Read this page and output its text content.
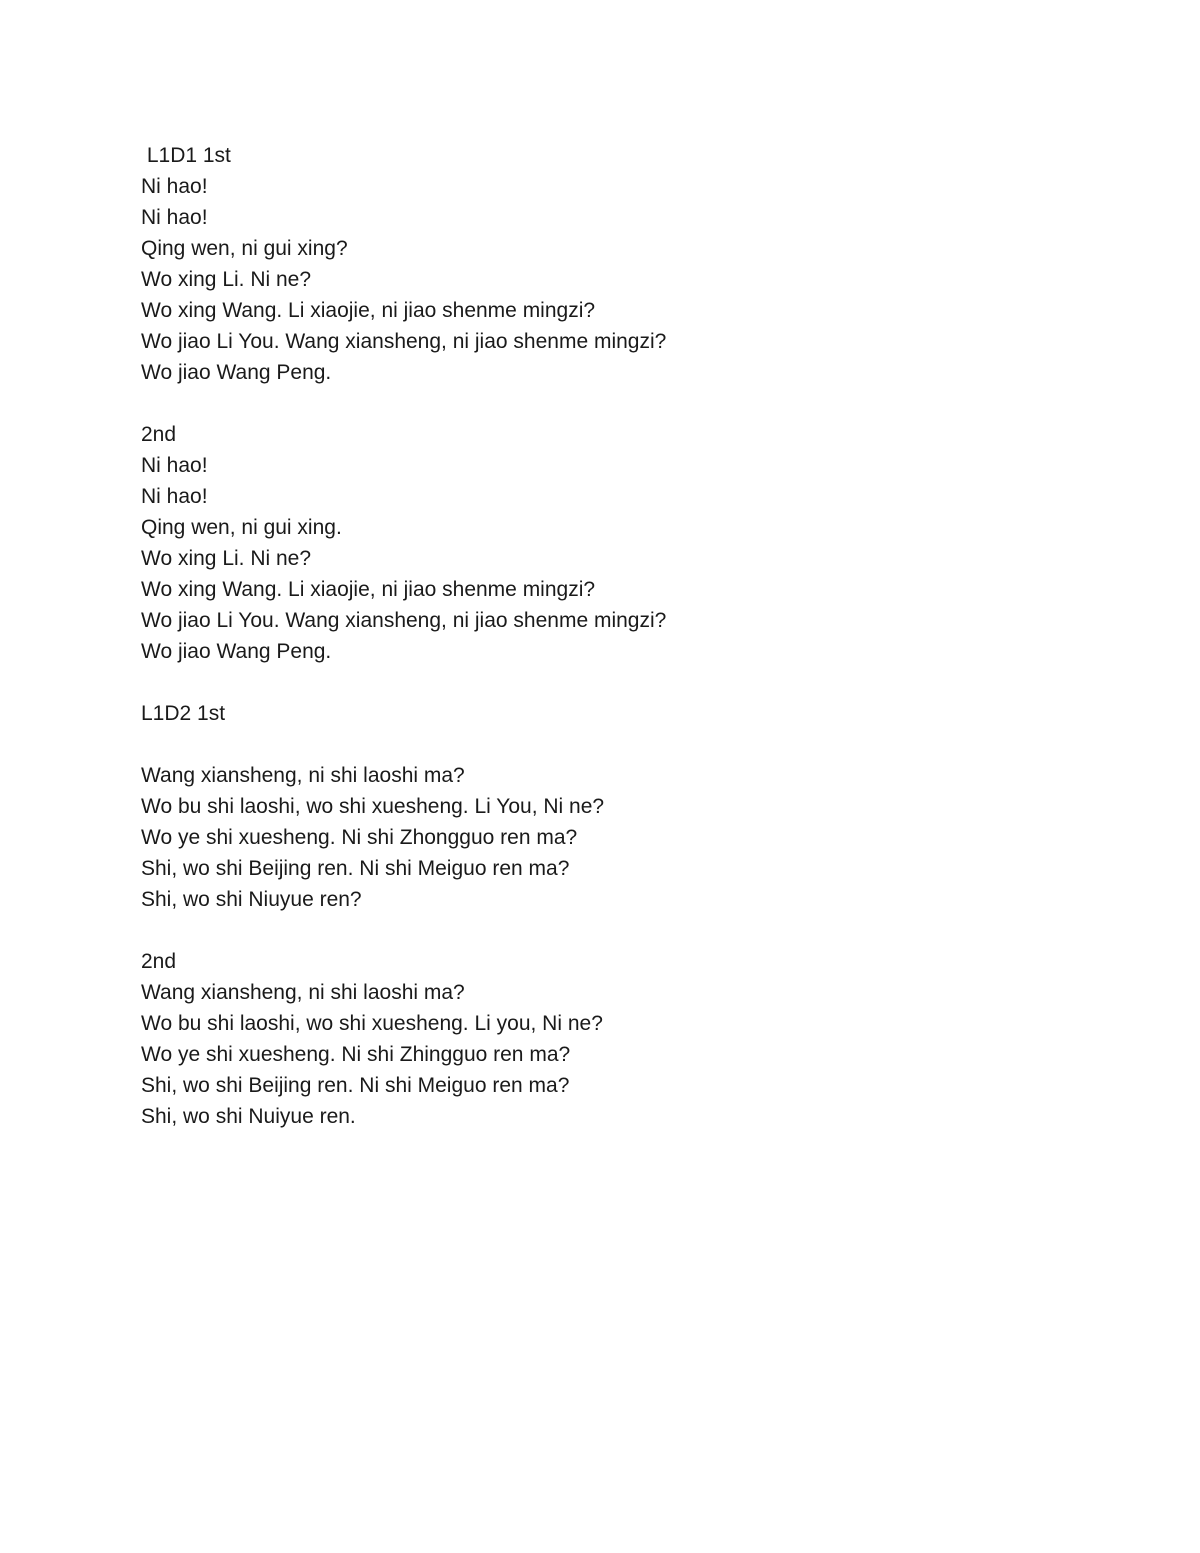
L1D1 1st
Ni hao!
Ni hao!
Qing wen, ni gui xing?
Wo xing Li. Ni ne?
Wo xing Wang. Li xiaojie, ni jiao shenme mingzi?
Wo jiao Li You. Wang xiansheng, ni jiao shenme mingzi?
Wo jiao Wang Peng.
2nd
Ni hao!
Ni hao!
Qing wen, ni gui xing.
Wo xing Li. Ni ne?
Wo xing Wang. Li xiaojie, ni jiao shenme mingzi?
Wo jiao Li You. Wang xiansheng, ni jiao shenme mingzi?
Wo jiao Wang Peng.
L1D2 1st
Wang xiansheng, ni shi laoshi ma?
Wo bu shi laoshi, wo shi xuesheng. Li You, Ni ne?
Wo ye shi xuesheng. Ni shi Zhongguo ren ma?
Shi, wo shi Beijing ren. Ni shi Meiguo ren ma?
Shi, wo shi Niuyue ren?
2nd
Wang xiansheng, ni shi laoshi ma?
Wo bu shi laoshi, wo shi xuesheng. Li you, Ni ne?
Wo ye shi xuesheng. Ni shi Zhingguo ren ma?
Shi, wo shi Beijing ren. Ni shi Meiguo ren ma?
Shi, wo shi Nuiyue ren.
